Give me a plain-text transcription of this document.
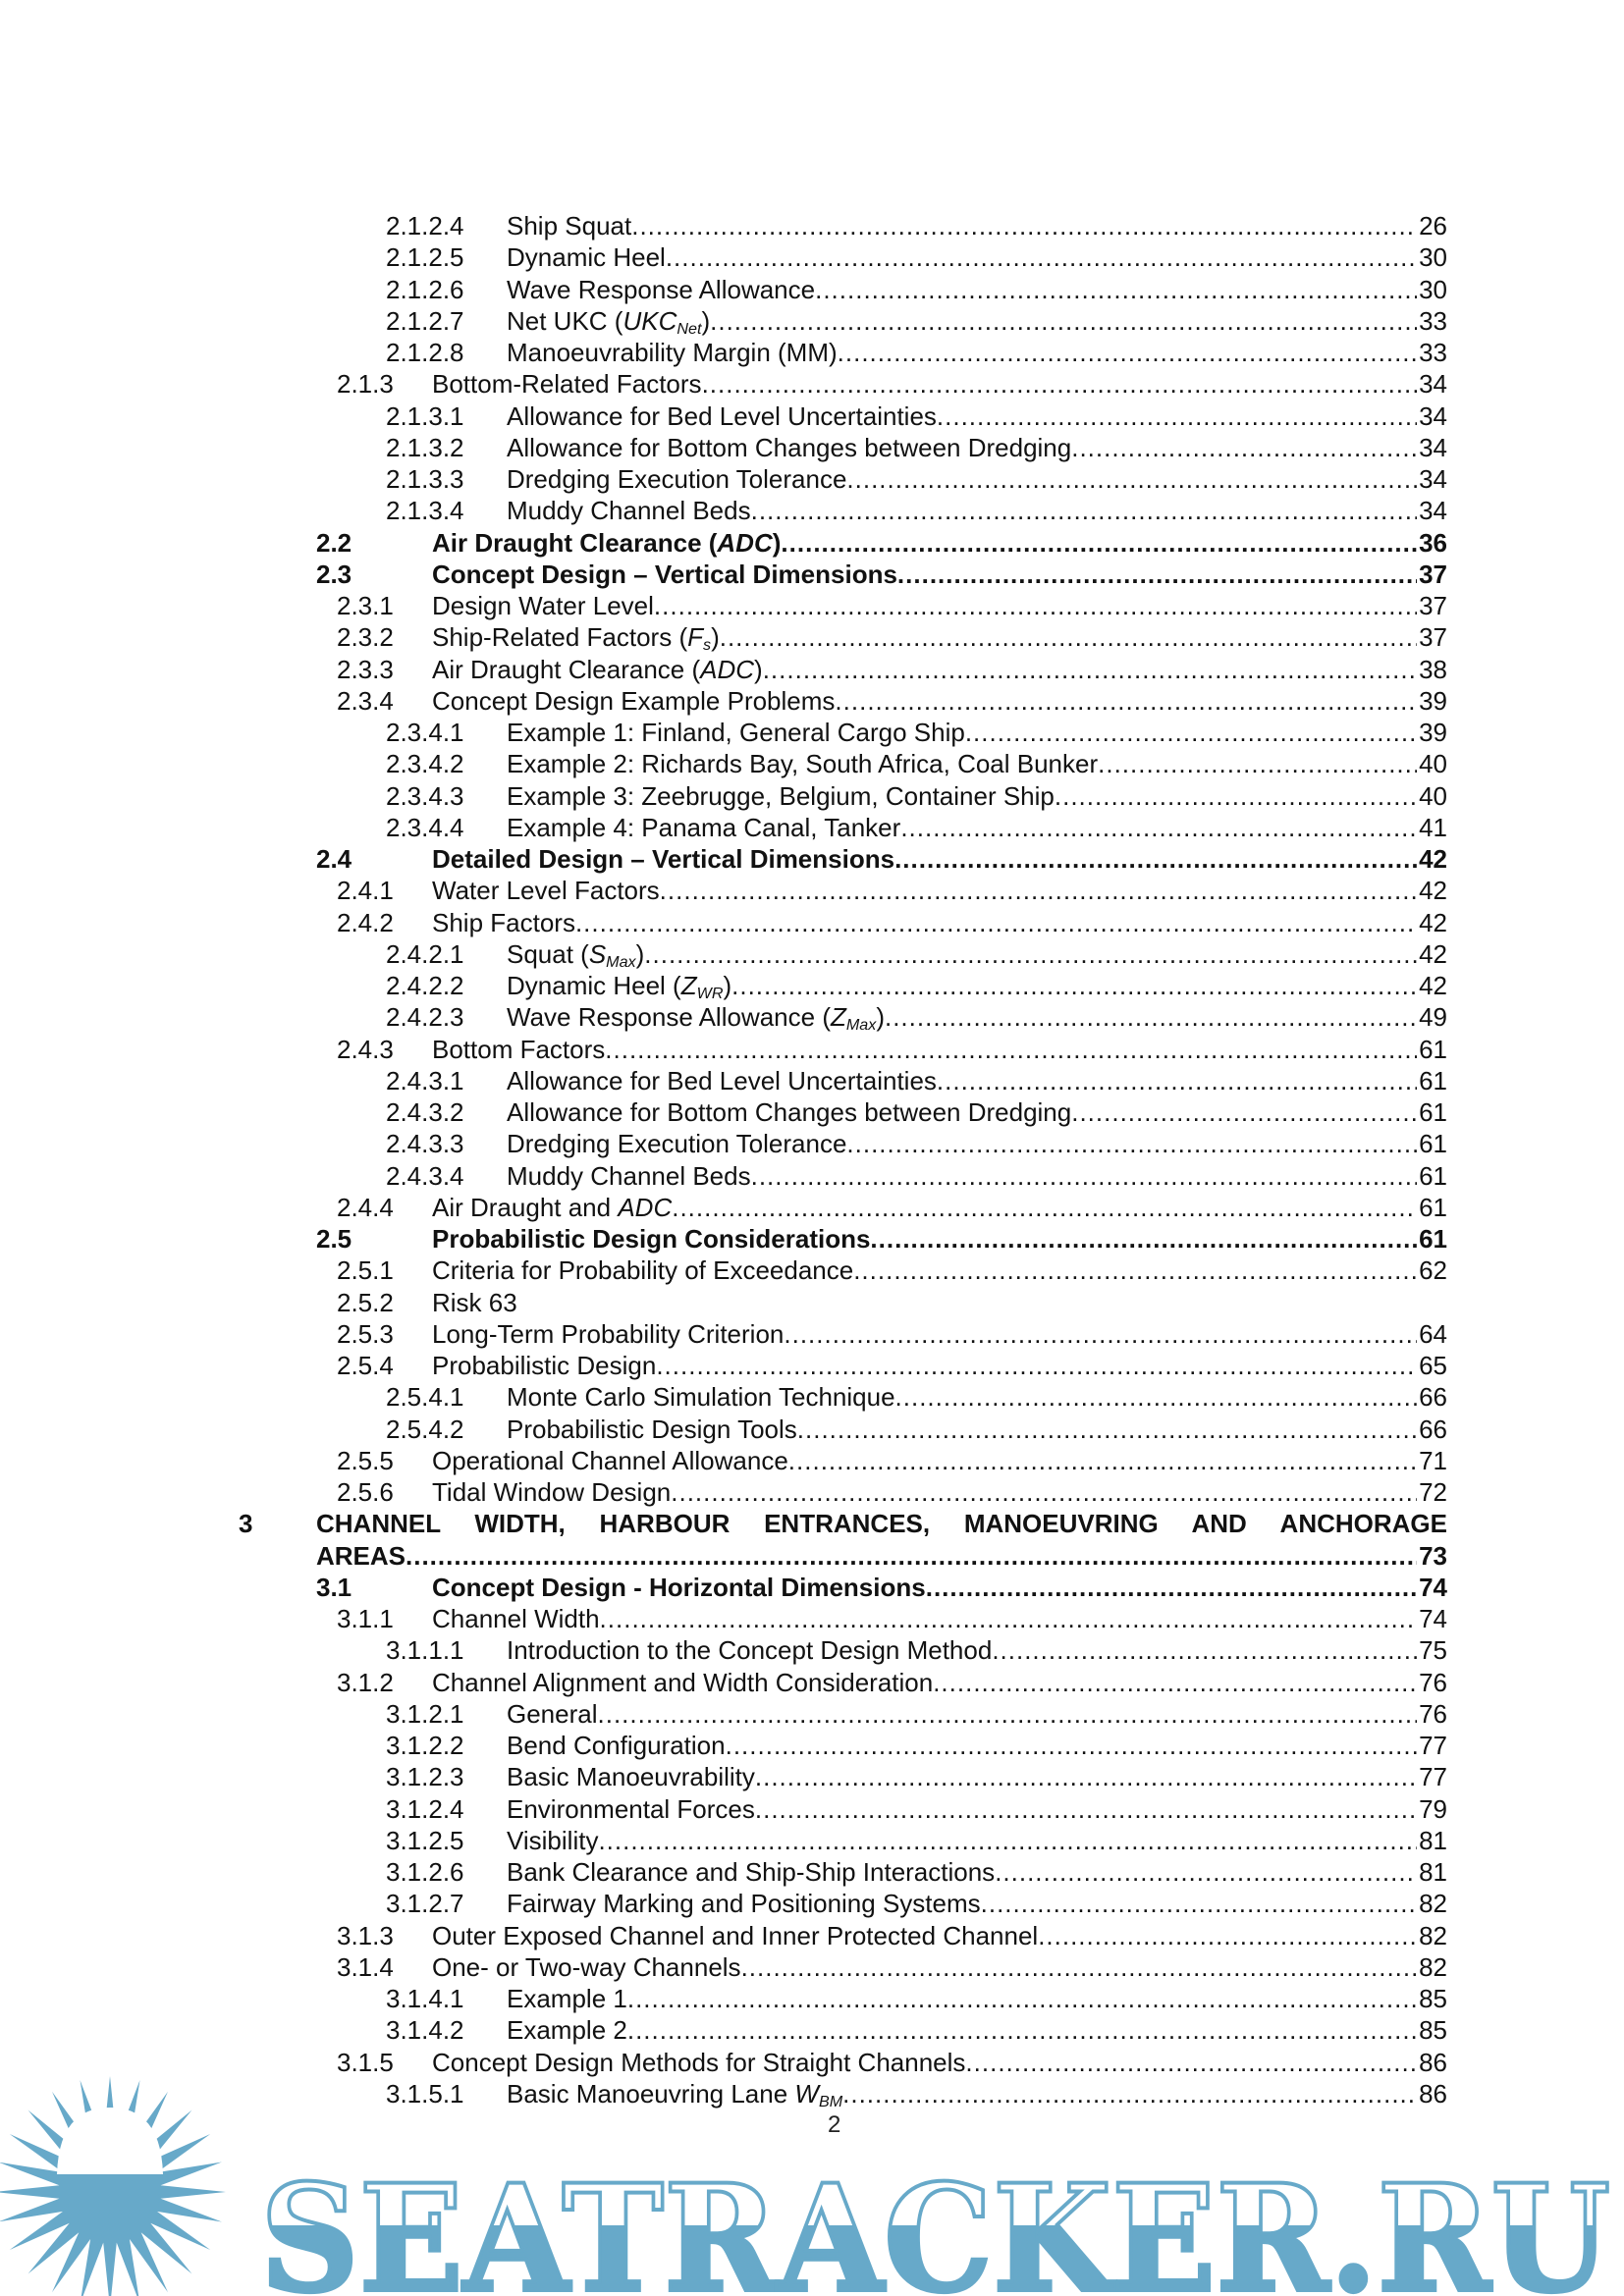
2.1.2.4 Ship Squat .....	26
2.1.2.5 Dynamic Heel .....	30
2.1.2.6 Wave Response Allowance .....	30
2.1.2.7 Net UKC $(UKC_{Net})$ .....	33
2.1.2.8 Manoeuvrability Margin (MM) .....	33
2.1.3 Bottom-Related Factors .....	34
2.1.3.1 Allowance for Bed Level Uncertainties .....	34
2.1.3.2 Allowance for Bottom Changes between Dredging .....	34
2.1.3.3 Dredging Execution Tolerance .....	34
2.1.3.4 Muddy Channel Beds .....	34
2.2	Air Draught Clearance (ADC) .....	36
2.3	Concept Design – Vertical Dimensions .....	37
2.3.1 Design Water Level .....	37
2.3.2 Ship-Related Factors $(F_s)$ .....	37
2.3.3 Air Draught Clearance (ADC) .....	38
2.3.4 Concept Design Example Problems .....	39
2.3.4.1 Example 1: Finland, General Cargo Ship .....	39
2.3.4.2 Example 2: Richards Bay, South Africa, Coal Bunker .....	40
2.3.4.3 Example 3: Zeebrugge, Belgium, Container Ship .....	40
2.3.4.4 Example 4: Panama Canal, Tanker .....	41
2.4	Detailed Design – Vertical Dimensions .....	42
2.4.1 Water Level Factors .....	42
2.4.2 Ship Factors .....	42
2.4.2.1 Squat $(S_{Max})$ .....	42
2.4.2.2 Dynamic Heel $(Z_{WR})$ .....	42
2.4.2.3 Wave Response Allowance $(Z_{Max})$ .....	49
2.4.3 Bottom Factors .....	61
2.4.3.1 Allowance for Bed Level Uncertainties .....	61
2.4.3.2 Allowance for Bottom Changes between Dredging .....	61
2.4.3.3 Dredging Execution Tolerance .....	61
2.4.3.4 Muddy Channel Beds .....	61
2.4.4 Air Draught and ADC .....	61
2.5	Probabilistic Design Considerations .....	61
2.5.1 Criteria for Probability of Exceedance .....	62
2.5.2 Risk 63
2.5.3 Long-Term Probability Criterion .....	64
2.5.4 Probabilistic Design .....	65
2.5.4.1 Monte Carlo Simulation Technique .....	66
2.5.4.2 Probabilistic Design Tools .....	66
2.5.5 Operational Channel Allowance .....	71
2.5.6 Tidal Window Design .....	72
3 CHANNEL WIDTH, HARBOUR ENTRANCES, MANOEUVRING AND ANCHORAGE
AREAS .....	73
3.1	Concept Design - Horizontal Dimensions .....	74
3.1.1 Channel Width .....	74
3.1.1.1 Introduction to the Concept Design Method .....	75
3.1.2 Channel Alignment and Width Consideration .....	76
3.1.2.1 General .....	76
3.1.2.2 Bend Configuration .....	77
3.1.2.3 Basic Manoeuvrability .....	77
3.1.2.4 Environmental Forces .....	79
3.1.2.5 Visibility .....	81
3.1.2.6 Bank Clearance and Ship-Ship Interactions .....	81
3.1.2.7 Fairway Marking and Positioning Systems .....	82
3.1.3 Outer Exposed Channel and Inner Protected Channel .....	82
3.1.4 One- or Two-way Channels .....	82
3.1.4.1 Example 1 .....	85
3.1.4.2 Example 2 .....	85
3.1.5 Concept Design Methods for Straight Channels .....	86
3.1.5.1 Basic Manoeuvring Lane $W_{BM}$ .....	86
SEATRACKER.RU
2
